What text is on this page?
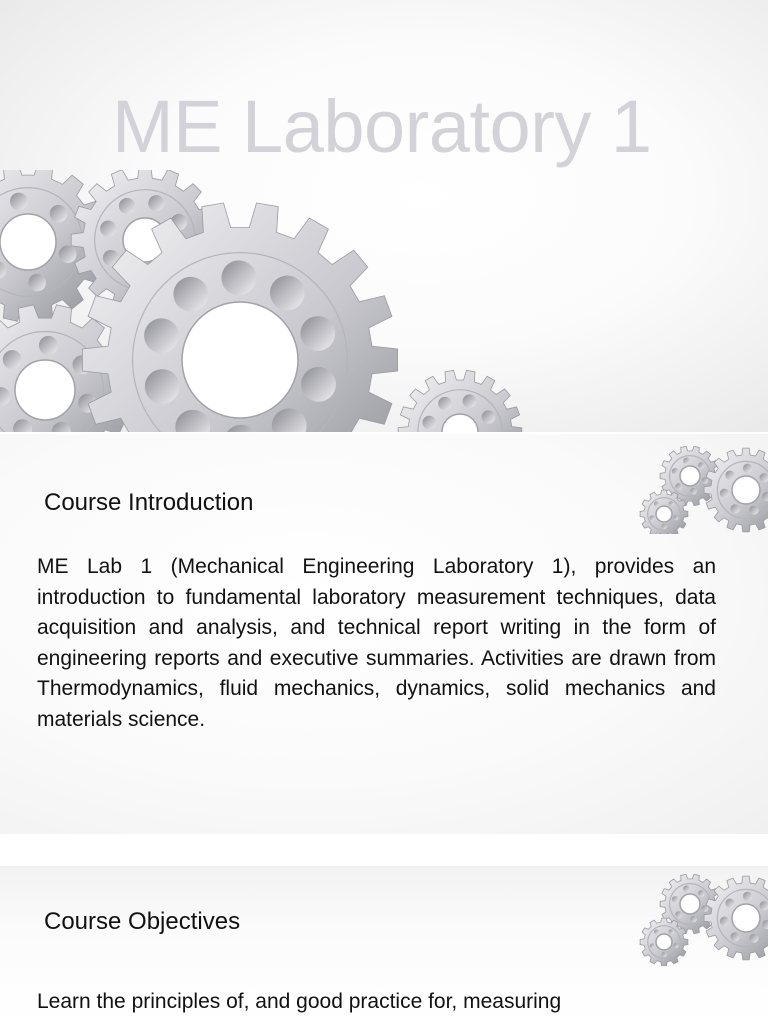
ME Laboratory 1
Course Introduction

ME Lab 1 (Mechanical Engineering Laboratory 1), provides an introduction to fundamental laboratory measurement techniques, data acquisition and analysis, and technical report writing in the form of engineering reports and executive summaries. Activities are drawn from Thermodynamics, fluid mechanics, dynamics, solid mechanics and materials science.

Course Objectives

Learn the principles of, and good practice for, measuring
